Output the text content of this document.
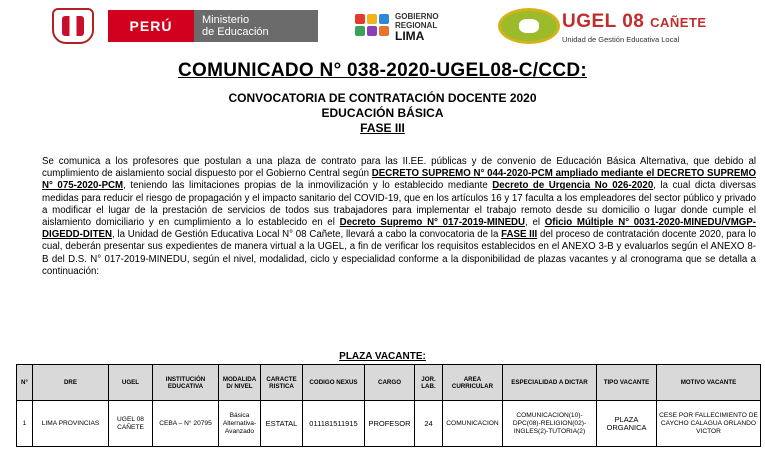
PERÚ	Ministerio
de Educación
GOBIERNO
REGIONAL
LIMA
UGEL 08 CAÑETE
Unidad de Gestión Educativa Local
COMUNICADO N° 038-2020-UGEL08-C/CCD:
CONVOCATORIA DE CONTRATACIÓN DOCENTE 2020
EDUCACIÓN BÁSICA
FASE III

Se comunica a los profesores que postulan a una plaza de contrato para las II.EE. públicas y de convenio de Educación Básica Alternativa, que debido al cumplimiento de aislamiento social dispuesto por el Gobierno Central según DECRETO SUPREMO N° 044-2020-PCM ampliado mediante el DECRETO SUPREMO N° 075-2020-PCM, teniendo las limitaciones propias de la inmovilización y lo establecido mediante Decreto de Urgencia No 026-2020, la cual dicta diversas medidas para reducir el riesgo de propagación y el impacto sanitario del COVID-19, que en los artículos 16 y 17 faculta a los empleadores del sector público y privado a modificar el lugar de la prestación de servicios de todos sus trabajadores para implementar el trabajo remoto desde su domicilio o lugar donde cumple el aislamiento domiciliario y en cumplimiento a lo establecido en el Decreto Supremo N° 017-2019-MINEDU, el Oficio Múltiple N° 0031-2020-MINEDU/VMGP-DIGEDD-DITEN, la Unidad de Gestión Educativa Local N° 08 Cañete, llevará a cabo la convocatoria de la FASE III del proceso de contratación docente 2020, para lo cual, deberán presentar sus expedientes de manera virtual a la UGEL, a fin de verificar los requisitos establecidos en el ANEXO 3-B y evaluarlos según el ANEXO 8-B del D.S. N° 017-2019-MINEDU, según el nivel, modalidad, ciclo y especialidad conforme a la disponibilidad de plazas vacantes y al cronograma que se detalla a continuación:

PLAZA VACANTE:
N°	DRE	UGEL	INSTITUCIÓN EDUCATIVA	MODALIDA D/ NIVEL	CARACTE RISTICA	CODIGO NEXUS	CARGO	JOR. LAB.	AREA CURRICULAR	ESPECIALIDAD A DICTAR	TIPO VACANTE	MOTIVO VACANTE
1	LIMA PROVINCIAS	UGEL 08 CAÑETE	CEBA – N° 20795	Básica Alternativa-Avanzado	ESTATAL	011181511915	PROFESOR	24	COMUNICACION	COMUNICACION(10)-DPC(08)-RELIGION(02)-INGLES(2)-TUTORIA(2)	PLAZA ORGANICA	CESE POR FALLECIMIENTO DE CAYCHO CALAGUA ORLANDO VICTOR
